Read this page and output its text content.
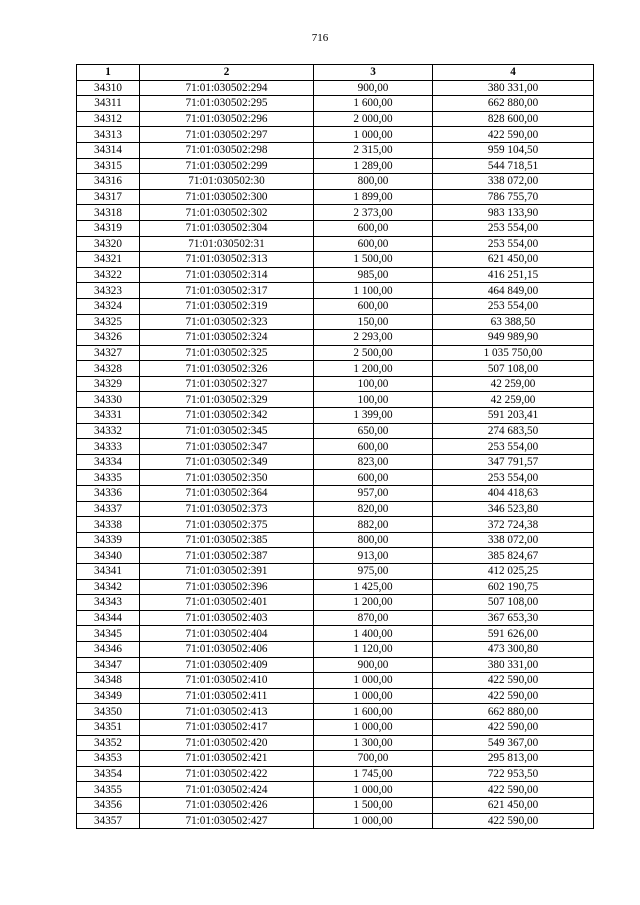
716
1	2	3	4
34310	71:01:030502:294	900,00	380 331,00
34311	71:01:030502:295	1 600,00	662 880,00
34312	71:01:030502:296	2 000,00	828 600,00
34313	71:01:030502:297	1 000,00	422 590,00
34314	71:01:030502:298	2 315,00	959 104,50
34315	71:01:030502:299	1 289,00	544 718,51
34316	71:01:030502:30	800,00	338 072,00
34317	71:01:030502:300	1 899,00	786 755,70
34318	71:01:030502:302	2 373,00	983 133,90
34319	71:01:030502:304	600,00	253 554,00
34320	71:01:030502:31	600,00	253 554,00
34321	71:01:030502:313	1 500,00	621 450,00
34322	71:01:030502:314	985,00	416 251,15
34323	71:01:030502:317	1 100,00	464 849,00
34324	71:01:030502:319	600,00	253 554,00
34325	71:01:030502:323	150,00	63 388,50
34326	71:01:030502:324	2 293,00	949 989,90
34327	71:01:030502:325	2 500,00	1 035 750,00
34328	71:01:030502:326	1 200,00	507 108,00
34329	71:01:030502:327	100,00	42 259,00
34330	71:01:030502:329	100,00	42 259,00
34331	71:01:030502:342	1 399,00	591 203,41
34332	71:01:030502:345	650,00	274 683,50
34333	71:01:030502:347	600,00	253 554,00
34334	71:01:030502:349	823,00	347 791,57
34335	71:01:030502:350	600,00	253 554,00
34336	71:01:030502:364	957,00	404 418,63
34337	71:01:030502:373	820,00	346 523,80
34338	71:01:030502:375	882,00	372 724,38
34339	71:01:030502:385	800,00	338 072,00
34340	71:01:030502:387	913,00	385 824,67
34341	71:01:030502:391	975,00	412 025,25
34342	71:01:030502:396	1 425,00	602 190,75
34343	71:01:030502:401	1 200,00	507 108,00
34344	71:01:030502:403	870,00	367 653,30
34345	71:01:030502:404	1 400,00	591 626,00
34346	71:01:030502:406	1 120,00	473 300,80
34347	71:01:030502:409	900,00	380 331,00
34348	71:01:030502:410	1 000,00	422 590,00
34349	71:01:030502:411	1 000,00	422 590,00
34350	71:01:030502:413	1 600,00	662 880,00
34351	71:01:030502:417	1 000,00	422 590,00
34352	71:01:030502:420	1 300,00	549 367,00
34353	71:01:030502:421	700,00	295 813,00
34354	71:01:030502:422	1 745,00	722 953,50
34355	71:01:030502:424	1 000,00	422 590,00
34356	71:01:030502:426	1 500,00	621 450,00
34357	71:01:030502:427	1 000,00	422 590,00
